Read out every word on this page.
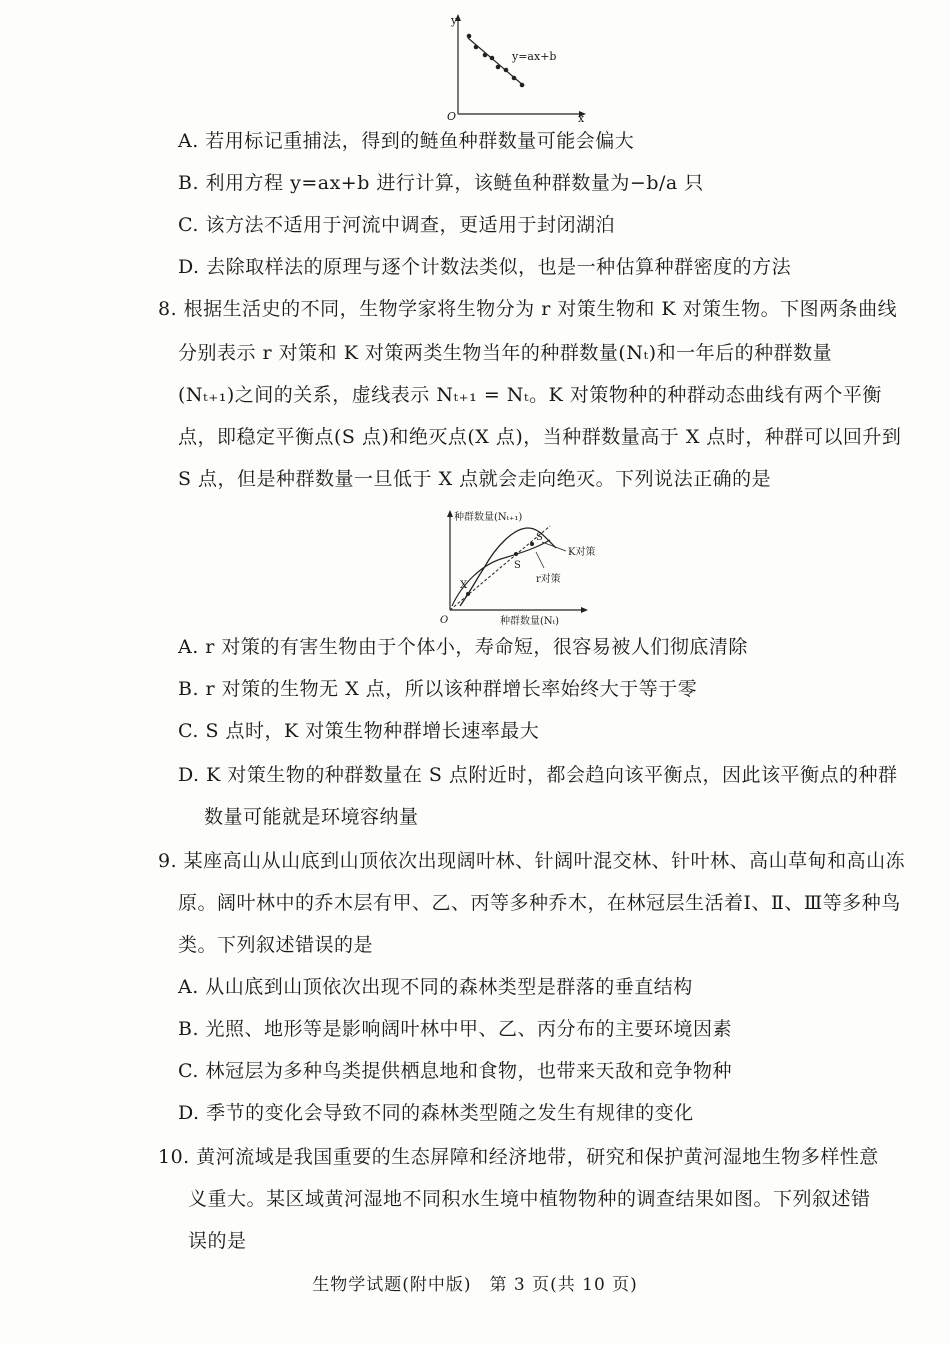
y
x
O
y=ax+b
A. 若用标记重捕法，得到的鲢鱼种群数量可能会偏大
B. 利用方程 y=ax+b 进行计算，该鲢鱼种群数量为−b/a 只
C. 该方法不适用于河流中调查，更适用于封闭湖泊
D. 去除取样法的原理与逐个计数法类似，也是一种估算种群密度的方法
8. 根据生活史的不同，生物学家将生物分为 r 对策生物和 K 对策生物。下图两条曲线
分别表示 r 对策和 K 对策两类生物当年的种群数量(Nₜ)和一年后的种群数量
(Nₜ₊₁)之间的关系，虚线表示 Nₜ₊₁ = Nₜ。K 对策物种的种群动态曲线有两个平衡
点，即稳定平衡点(S 点)和绝灭点(X 点)，当种群数量高于 X 点时，种群可以回升到
S 点，但是种群数量一旦低于 X 点就会走向绝灭。下列说法正确的是
种群数量(Nₜ₊₁)
种群数量(Nₜ)
O
K对策
r对策
S
S
X
A. r 对策的有害生物由于个体小，寿命短，很容易被人们彻底清除
B. r 对策的生物无 X 点，所以该种群增长率始终大于等于零
C. S 点时，K 对策生物种群增长速率最大
D. K 对策生物的种群数量在 S 点附近时，都会趋向该平衡点，因此该平衡点的种群
数量可能就是环境容纳量
9. 某座高山从山底到山顶依次出现阔叶林、针阔叶混交林、针叶林、高山草甸和高山冻
原。阔叶林中的乔木层有甲、乙、丙等多种乔木，在林冠层生活着Ⅰ、Ⅱ、Ⅲ等多种鸟
类。下列叙述错误的是
A. 从山底到山顶依次出现不同的森林类型是群落的垂直结构
B. 光照、地形等是影响阔叶林中甲、乙、丙分布的主要环境因素
C. 林冠层为多种鸟类提供栖息地和食物，也带来天敌和竞争物种
D. 季节的变化会导致不同的森林类型随之发生有规律的变化
10. 黄河流域是我国重要的生态屏障和经济地带，研究和保护黄河湿地生物多样性意
义重大。某区域黄河湿地不同积水生境中植物物种的调查结果如图。下列叙述错
误的是
生物学试题(附中版)　第 3 页(共 10 页)
